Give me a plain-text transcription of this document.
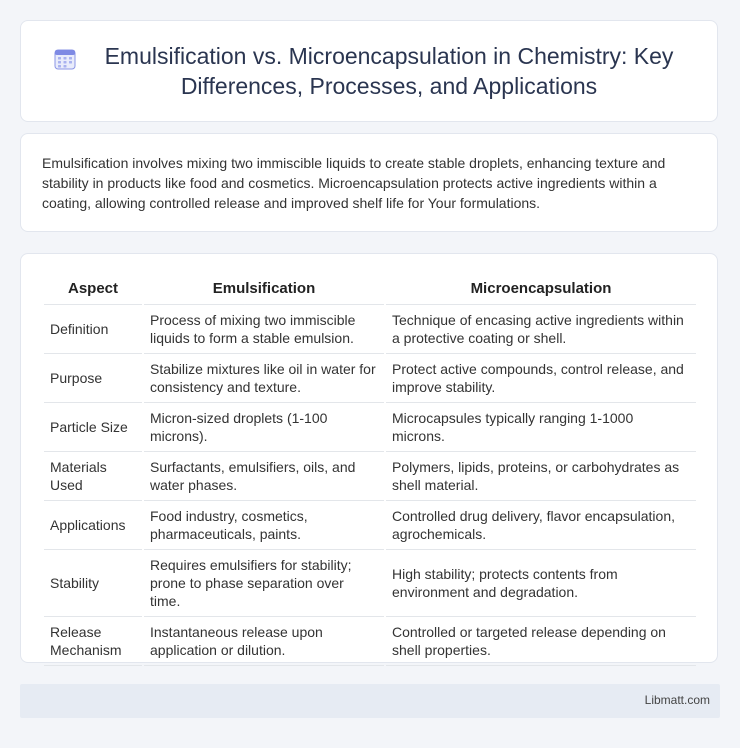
Emulsification vs. Microencapsulation in Chemistry: Key Differences, Processes, and Applications

Emulsification involves mixing two immiscible liquids to create stable droplets, enhancing texture and stability in products like food and cosmetics. Microencapsulation protects active ingredients within a coating, allowing controlled release and improved shelf life for Your formulations.

Aspect	Emulsification	Microencapsulation
Definition	Process of mixing two immiscible liquids to form a stable emulsion.	Technique of encasing active ingredients within a protective coating or shell.
Purpose	Stabilize mixtures like oil in water for consistency and texture.	Protect active compounds, control release, and improve stability.
Particle Size	Micron-sized droplets (1-100 microns).	Microcapsules typically ranging 1-1000 microns.
Materials Used	Surfactants, emulsifiers, oils, and water phases.	Polymers, lipids, proteins, or carbohydrates as shell material.
Applications	Food industry, cosmetics, pharmaceuticals, paints.	Controlled drug delivery, flavor encapsulation, agrochemicals.
Stability	Requires emulsifiers for stability; prone to phase separation over time.	High stability; protects contents from environment and degradation.
Release Mechanism	Instantaneous release upon application or dilution.	Controlled or targeted release depending on shell properties.
Libmatt.com
